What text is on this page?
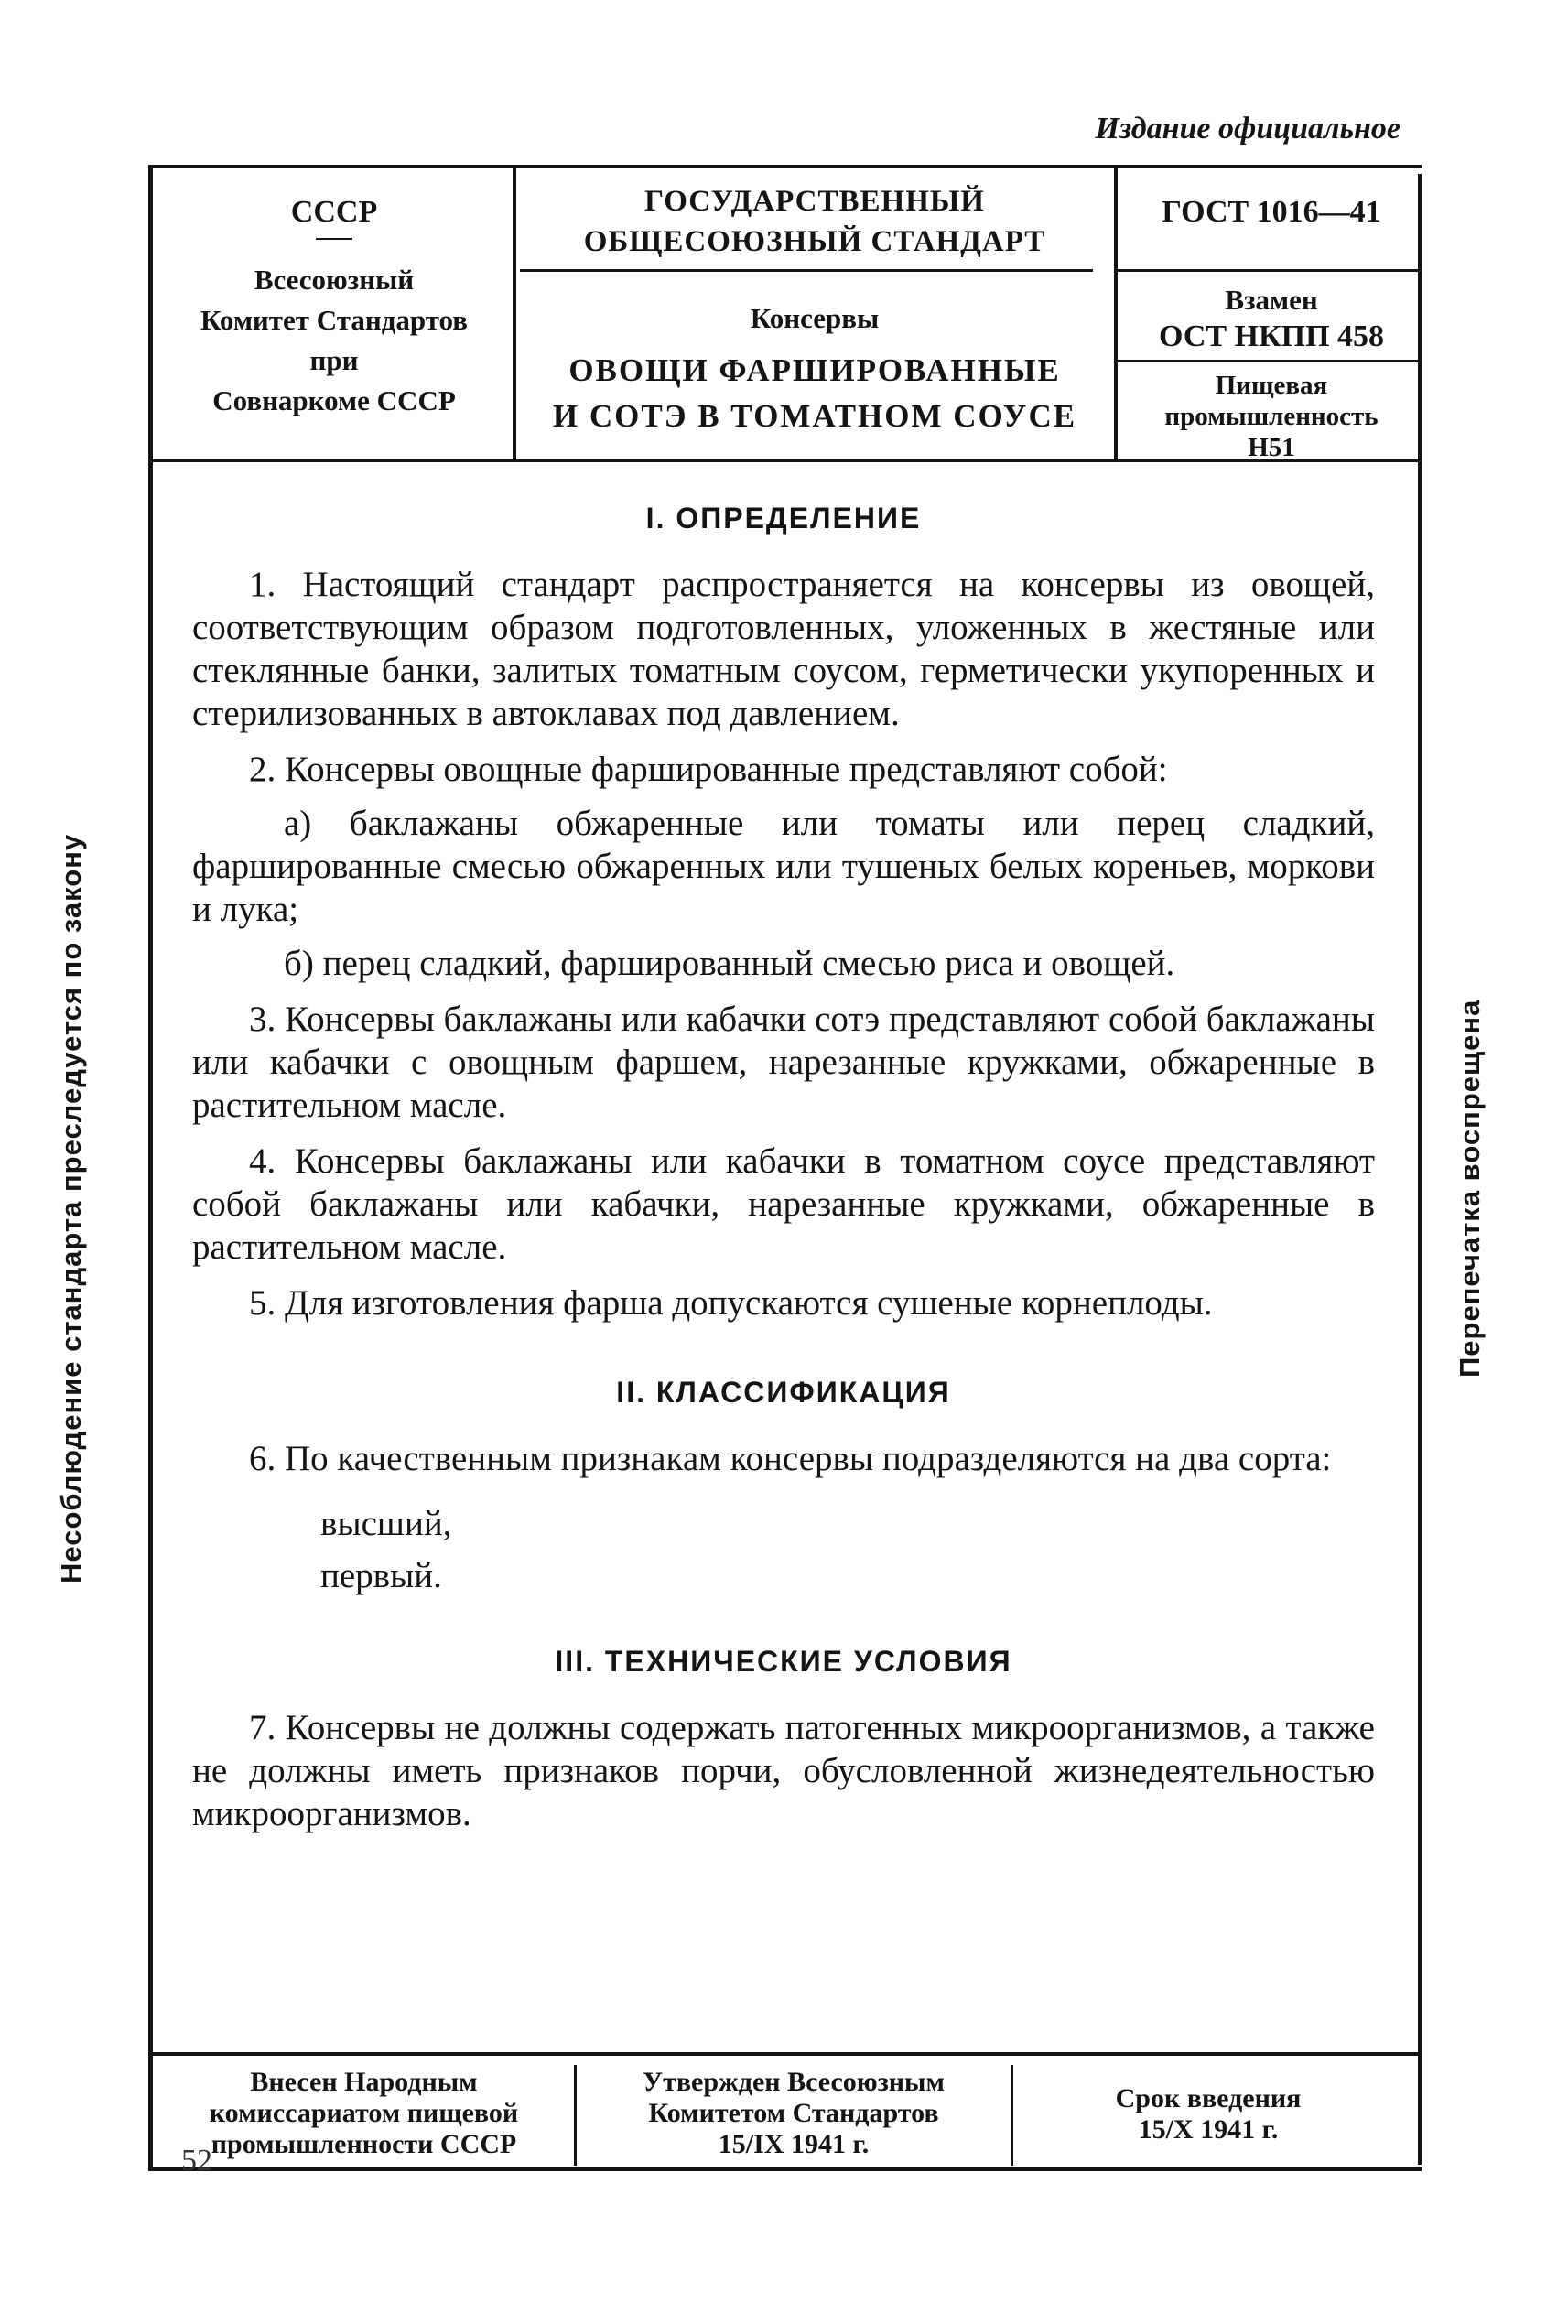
Издание официальное
СССР
Всесоюзный
Комитет Стандартов
при
Совнаркоме СССР
ГОСУДАРСТВЕННЫЙ
ОБЩЕСОЮЗНЫЙ СТАНДАРТ
Консервы
ОВОЩИ ФАРШИРОВАННЫЕ
И СОТЭ В ТОМАТНОМ СОУСЕ
ГОСТ 1016—41
Взамен
ОСТ НКПП 458
Пищевая
промышленность
Н51
Несоблюдение стандарта преследуется по закону	Перепечатка воспрещена
I. ОПРЕДЕЛЕНИЕ

1. Настоящий стандарт распространяется на консервы из овощей, соответствующим образом подготовленных, уложенных в жестяные или стеклянные банки, залитых томатным соусом, герметически укупоренных и стерилизованных в автоклавах под давлением.

2. Консервы овощные фаршированные представляют собой:

а) баклажаны обжаренные или томаты или перец сладкий, фаршированные смесью обжаренных или тушеных белых кореньев, моркови и лука;

б) перец сладкий, фаршированный смесью риса и овощей.

3. Консервы баклажаны или кабачки сотэ представляют собой баклажаны или кабачки с овощным фаршем, нарезанные кружками, обжаренные в растительном масле.

4. Консервы баклажаны или кабачки в томатном соусе представляют собой баклажаны или кабачки, нарезанные кружками, обжаренные в растительном масле.

5. Для изготовления фарша допускаются сушеные корнеплоды.

II. КЛАССИФИКАЦИЯ

6. По качественным признакам консервы подразделяются на два сорта:

высший,

первый.

III. ТЕХНИЧЕСКИЕ УСЛОВИЯ

7. Консервы не должны содержать патогенных микроорганизмов, а также не должны иметь признаков порчи, обусловленной жизнедеятельностью микроорганизмов.

Внесен Народным
комиссариатом пищевой
промышленности СССР
Утвержден Всесоюзным
Комитетом Стандартов
15/IX 1941 г.
Срок введения
15/X 1941 г.
52
